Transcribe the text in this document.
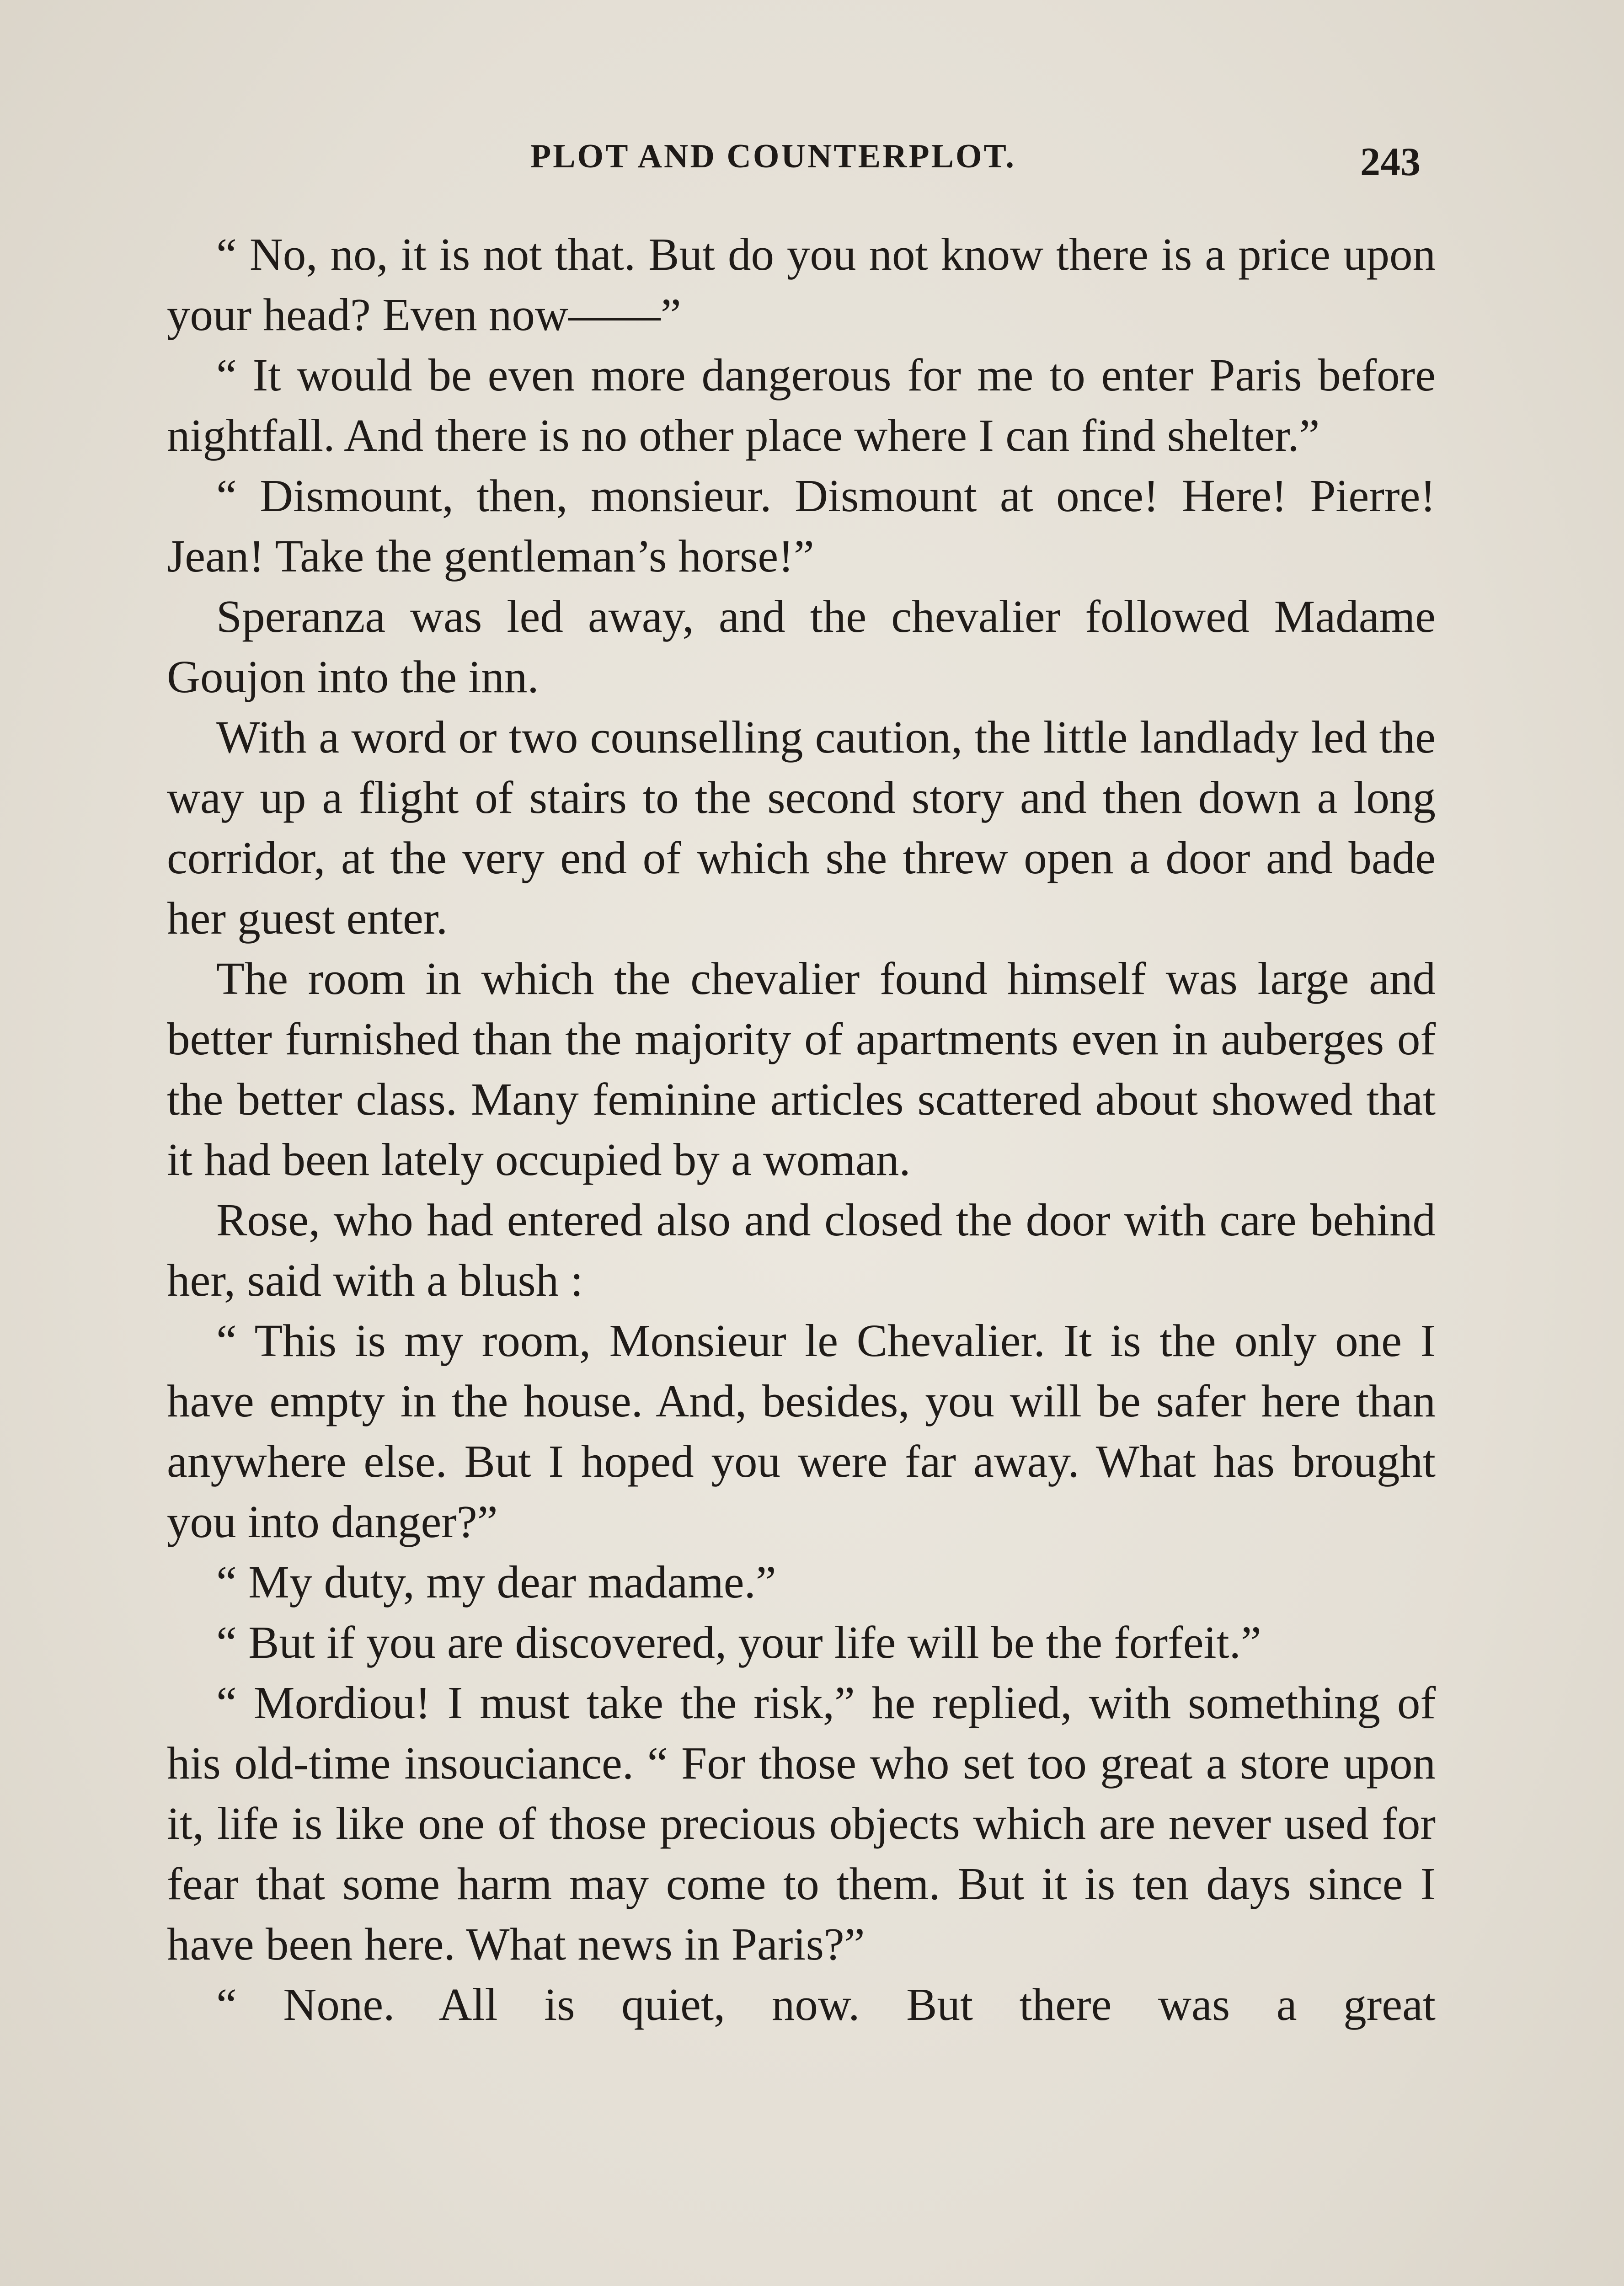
PLOT AND COUNTERPLOT.	243

“ No, no, it is not that. But do you not know there is a price upon your head? Even now——”

“ It would be even more dangerous for me to enter Paris before nightfall. And there is no other place where I can find shelter.”

“ Dismount, then, monsieur. Dismount at once! Here! Pierre! Jean! Take the gentleman’s horse!”

Speranza was led away, and the chevalier followed Madame Goujon into the inn.

With a word or two counselling caution, the little landlady led the way up a flight of stairs to the second story and then down a long corridor, at the very end of which she threw open a door and bade her guest enter.

The room in which the chevalier found himself was large and better furnished than the majority of apartments even in auberges of the better class. Many feminine articles scattered about showed that it had been lately occupied by a woman.

Rose, who had entered also and closed the door with care behind her, said with a blush :

“ This is my room, Monsieur le Chevalier. It is the only one I have empty in the house. And, besides, you will be safer here than anywhere else. But I hoped you were far away. What has brought you into danger?”

“ My duty, my dear madame.”

“ But if you are discovered, your life will be the forfeit.”

“ Mordiou! I must take the risk,” he replied, with something of his old-time insouciance. “ For those who set too great a store upon it, life is like one of those precious objects which are never used for fear that some harm may come to them. But it is ten days since I have been here. What news in Paris?”

“ None. All is quiet, now. But there was a great
